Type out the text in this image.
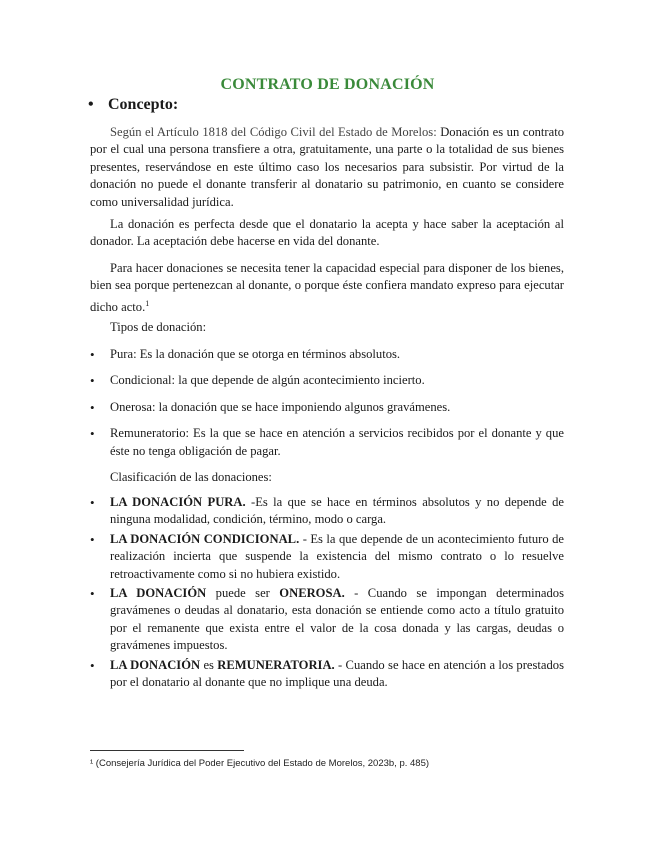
CONTRATO DE DONACIÓN
• Concepto:

Según el Artículo 1818 del Código Civil del Estado de Morelos: Donación es un contrato por el cual una persona transfiere a otra, gratuitamente, una parte o la totalidad de sus bienes presentes, reservándose en este último caso los necesarios para subsistir. Por virtud de la donación no puede el donante transferir al donatario su patrimonio, en cuanto se considere como universalidad jurídica.

La donación es perfecta desde que el donatario la acepta y hace saber la aceptación al donador. La aceptación debe hacerse en vida del donante.

Para hacer donaciones se necesita tener la capacidad especial para disponer de los bienes, bien sea porque pertenezcan al donante, o porque éste confiera mandato expreso para ejecutar dicho acto.$^1$

Tipos de donación:
•	Pura: Es la donación que se otorga en términos absolutos.
•	Condicional: la que depende de algún acontecimiento incierto.
•	Onerosa: la donación que se hace imponiendo algunos gravámenes.
•	Remuneratorio: Es la que se hace en atención a servicios recibidos por el donante y que éste no tenga obligación de pagar.
Clasificación de las donaciones:
•	LA DONACIÓN PURA. -Es la que se hace en términos absolutos y no depende de ninguna modalidad, condición, término, modo o carga.
•	LA DONACIÓN CONDICIONAL. - Es la que depende de un acontecimiento futuro de realización incierta que suspende la existencia del mismo contrato o lo resuelve retroactivamente como si no hubiera existido.
•	LA DONACIÓN puede ser ONEROSA. - Cuando se impongan determinados gravámenes o deudas al donatario, esta donación se entiende como acto a título gratuito por el remanente que exista entre el valor de la cosa donada y las cargas, deudas o gravámenes impuestos.
•	LA DONACIÓN es REMUNERATORIA. - Cuando se hace en atención a los prestados por el donatario al donante que no implique una deuda.
¹ (Consejería Jurídica del Poder Ejecutivo del Estado de Morelos, 2023b, p. 485)
